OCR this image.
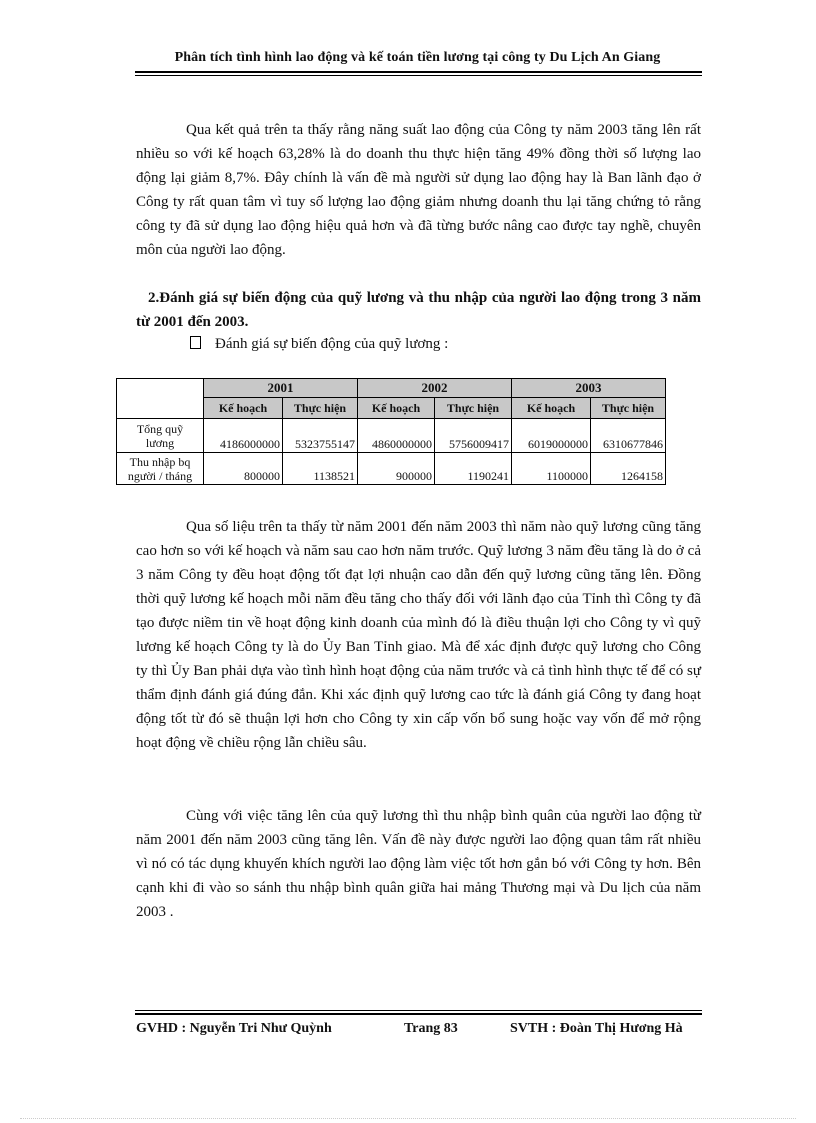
Phân tích tình hình lao động và kế toán tiền lương tại công ty Du Lịch An Giang

Qua kết quả trên ta thấy rằng năng suất lao động của Công ty năm 2003 tăng lên rất nhiều so với kế hoạch 63,28% là do doanh thu thực hiện tăng 49% đồng thời số lượng lao động lại giảm 8,7%. Đây chính là vấn đề mà người sử dụng lao động hay là Ban lãnh đạo ở Công ty rất quan tâm vì tuy số lượng lao động giảm nhưng doanh thu lại tăng chứng tỏ rằng công ty đã sử dụng lao động hiệu quả hơn và đã từng bước nâng cao được tay nghề, chuyên môn của người lao động.

2.Đánh giá sự biến động của quỹ lương và thu nhập của người lao động trong 3 năm từ 2001 đến 2003.

Đánh giá sự biến động của quỹ lương :
	2001		2002		2003	
	Kế hoạch	Thực hiện	Kế hoạch	Thực hiện	Kế hoạch	Thực hiện
Tổng quỹ
lương	4186000000	5323755147	4860000000	5756009417	6019000000	6310677846
Thu nhập bq
người / tháng	800000	1138521	900000	1190241	1100000	1264158

Qua số liệu trên ta thấy từ năm 2001 đến năm 2003 thì năm nào quỹ lương cũng tăng cao hơn so với kế hoạch và năm sau cao hơn năm trước. Quỹ lương 3 năm đều tăng là do ở cả 3 năm Công ty đều hoạt động tốt đạt lợi nhuận cao dẫn đến quỹ lương cũng tăng lên. Đồng thời quỹ lương kế hoạch mỗi năm đều tăng cho thấy đối với lãnh đạo của Tỉnh thì Công ty đã tạo được niềm tin về hoạt động kinh doanh của mình đó là điều thuận lợi cho Công ty vì quỹ lương kế hoạch Công ty là do Ủy Ban Tỉnh giao. Mà để xác định được quỹ lương cho Công ty thì Ủy Ban phải dựa vào tình hình hoạt động của năm trước và cả tình hình thực tế để có sự thẩm định đánh giá đúng đắn. Khi xác định quỹ lương cao tức là đánh giá Công ty đang hoạt động tốt từ đó sẽ thuận lợi hơn cho Công ty xin cấp vốn bổ sung hoặc vay vốn để mở rộng hoạt động về chiều rộng lẫn chiều sâu.

Cùng với việc tăng lên của quỹ lương thì thu nhập bình quân của người lao động từ năm 2001 đến năm 2003 cũng tăng lên. Vấn đề này được người lao động quan tâm rất nhiều vì nó có tác dụng khuyến khích người lao động làm việc tốt hơn gắn bó với Công ty hơn. Bên cạnh khi đi vào so sánh thu nhập bình quân giữa hai mảng Thương mại và Du lịch của năm 2003 .

GVHD : Nguyễn Tri Như Quỳnh	Trang 83	SVTH : Đoàn Thị Hương Hà
